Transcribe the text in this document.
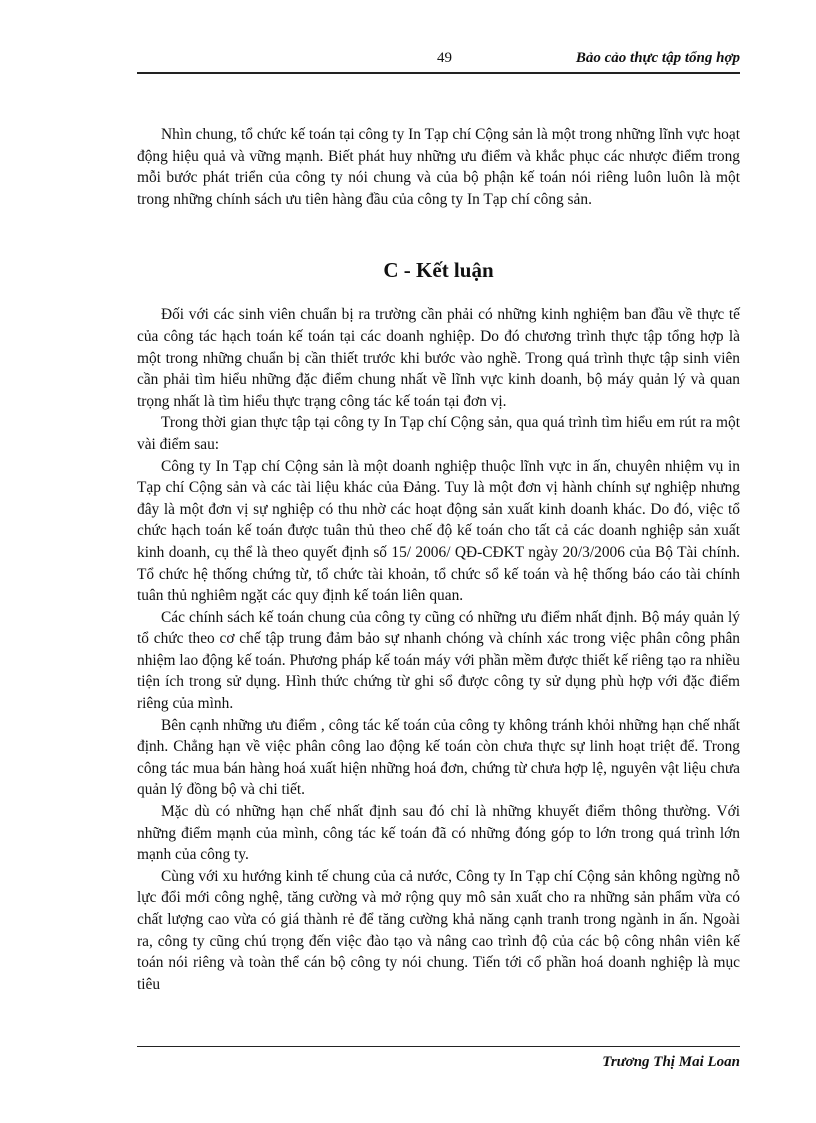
49	Bảo cảo thực tập tổng hợp

Nhìn chung, tổ chức kế toán tại công ty In Tạp chí Cộng sản là một trong những lĩnh vực hoạt động hiệu quả và vững mạnh. Biết phát huy những ưu điểm và khắc phục các nhược điểm trong mỗi bước phát triển của công ty nói chung và của bộ phận kế toán nói riêng luôn luôn là một trong những chính sách ưu tiên hàng đầu của công ty In Tạp chí công sản.

C - Kết luận

Đối với các sinh viên chuẩn bị ra trường cần phải có những kinh nghiệm ban đầu về thực tế của công tác hạch toán kế toán tại các doanh nghiệp. Do đó chương trình thực tập tổng hợp là một trong những chuẩn bị cần thiết trước khi bước vào nghề. Trong quá trình thực tập sinh viên cần phải tìm hiểu những đặc điểm chung nhất về lĩnh vực kinh doanh, bộ máy quản lý và quan trọng nhất là tìm hiểu thực trạng công tác kế toán tại đơn vị.

Trong thời gian thực tập tại công ty In Tạp chí Cộng sản, qua quá trình tìm hiểu em rút ra một vài điểm sau:

Công ty In Tạp chí Cộng sản là một doanh nghiệp thuộc lĩnh vực in ấn, chuyên nhiệm vụ in Tạp chí Cộng sản và các tài liệu khác của Đảng. Tuy là một đơn vị hành chính sự nghiệp nhưng đây là một đơn vị sự nghiệp có thu nhờ các hoạt động sản xuất kinh doanh khác. Do đó, việc tổ chức hạch toán kế toán được tuân thủ theo chế độ kế toán cho tất cả các doanh nghiệp sản xuất kinh doanh, cụ thể là theo quyết định số 15/ 2006/ QĐ-CĐKT ngày 20/3/2006 của Bộ Tài chính. Tổ chức hệ thống chứng từ, tổ chức tài khoản, tổ chức sổ kế toán và hệ thống báo cáo tài chính tuân thủ nghiêm ngặt các quy định kế toán liên quan.

Các chính sách kế toán chung của công ty cũng có những ưu điểm nhất định. Bộ máy quản lý tổ chức theo cơ chế tập trung đảm bảo sự nhanh chóng và chính xác trong việc phân công phân nhiệm lao động kế toán. Phương pháp kế toán máy với phần mềm được thiết kế riêng tạo ra nhiều tiện ích trong sử dụng. Hình thức chứng từ ghi sổ được công ty sử dụng phù hợp với đặc điểm riêng của mình.

Bên cạnh những ưu điểm , công tác kế toán của công ty không tránh khỏi những hạn chế nhất định. Chẳng hạn về việc phân công lao động kế toán còn chưa thực sự linh hoạt triệt để. Trong công tác mua bán hàng hoá xuất hiện những hoá đơn, chứng từ chưa hợp lệ, nguyên vật liệu chưa quản lý đồng bộ và chi tiết.

Mặc dù có những hạn chế nhất định sau đó chỉ là những khuyết điểm thông thường. Với những điểm mạnh của mình, công tác kế toán đã có những đóng góp to lớn trong quá trình lớn mạnh của công ty.

Cùng với xu hướng kinh tế chung của cả nước, Công ty In Tạp chí Cộng sản không ngừng nỗ lực đổi mới công nghệ, tăng cường và mở rộng quy mô sản xuất cho ra những sản phẩm vừa có chất lượng cao vừa có giá thành rẻ để tăng cường khả năng cạnh tranh trong ngành in ấn. Ngoài ra, công ty cũng chú trọng đến việc đào tạo và nâng cao trình độ của các bộ công nhân viên kế toán nói riêng và toàn thể cán bộ công ty nói chung. Tiến tới cổ phần hoá doanh nghiệp là mục tiêu

Trương Thị Mai Loan
